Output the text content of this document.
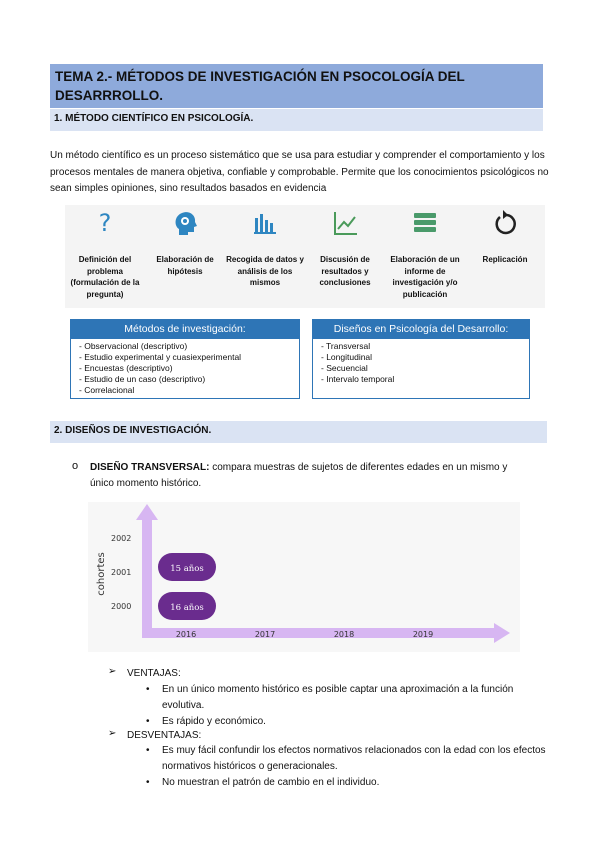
TEMA 2.- MÉTODOS DE INVESTIGACIÓN EN PSOCOLOGÍA DEL DESARRROLLO.
1. MÉTODO CIENTÍFICO EN PSICOLOGÍA.
Un método científico es un proceso sistemático que se usa para estudiar y comprender el comportamiento y los procesos mentales de manera objetiva, confiable y comprobable. Permite que los conocimientos psicológicos no sean simples opiniones, sino resultados basados en evidencia
?
Definición del problema (formulación de la pregunta)
Elaboración de hipótesis
Recogida de datos y análisis de los mismos
Discusión de resultados y conclusiones
Elaboración de un informe de investigación y/o publicación
Replicación
Métodos de investigación:
- Observacional (descriptivo)
- Estudio experimental y cuasiexperimental
- Encuestas (descriptivo)
- Estudio de un caso (descriptivo)
- Correlacional
Diseños en Psicología del Desarrollo:
- Transversal
- Longitudinal
- Secuencial
- Intervalo temporal
2. DISEÑOS DE INVESTIGACIÓN.
o DISEÑO TRANSVERSAL: compara muestras de sujetos de diferentes edades en un mismo y
único momento histórico.
cohortes
2002
2001
2000
15 años
16 años
2016	2017	2018	2019
➢ VENTAJAS:
• En un único momento histórico es posible captar una aproximación a la función evolutiva.
• Es rápido y económico.
➢ DESVENTAJAS:
• Es muy fácil confundir los efectos normativos relacionados con la edad con los efectos normativos históricos o generacionales.
• No muestran el patrón de cambio en el individuo.
